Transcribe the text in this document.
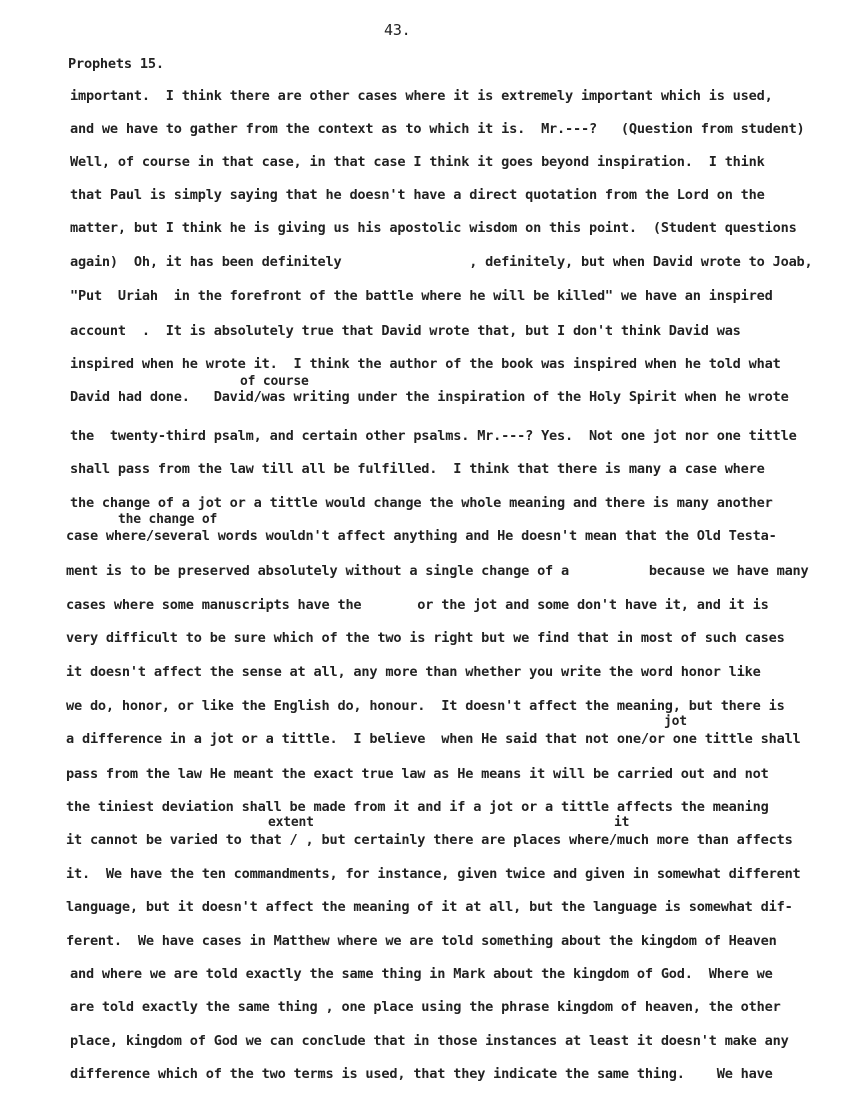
43.
Prophets 15.
important.  I think there are other cases where it is extremely important which is used,
and we have to gather from the context as to which it is.  Mr.---?   (Question from student)
Well, of course in that case, in that case I think it goes beyond inspiration.  I think
that Paul is simply saying that he doesn't have a direct quotation from the Lord on the
matter, but I think he is giving us his apostolic wisdom on this point.  (Student questions
again)  Oh, it has been definitely                , definitely, but when David wrote to Joab,
"Put  Uriah  in the forefront of the battle where he will be killed" we have an inspired
account  .  It is absolutely true that David wrote that, but I don't think David was
inspired when he wrote it.  I think the author of the book was inspired when he told what
of course
David had done.   David/was writing under the inspiration of the Holy Spirit when he wrote
the  twenty-third psalm, and certain other psalms. Mr.---? Yes.  Not one jot nor one tittle
shall pass from the law till all be fulfilled.  I think that there is many a case where
the change of a jot or a tittle would change the whole meaning and there is many another
the change of
case where/several words wouldn't affect anything and He doesn't mean that the Old Testa-
ment is to be preserved absolutely without a single change of a          because we have many
cases where some manuscripts have the       or the jot and some don't have it, and it is
very difficult to be sure which of the two is right but we find that in most of such cases
it doesn't affect the sense at all, any more than whether you write the word honor like
we do, honor, or like the English do, honour.  It doesn't affect the meaning, but there is
jot
a difference in a jot or a tittle.  I believe  when He said that not one/or one tittle shall
pass from the law He meant the exact true law as He means it will be carried out and not
the tiniest deviation shall be made from it and if a jot or a tittle affects the meaning
extent	it
it cannot be varied to that / , but certainly there are places where/much more than affects
it.  We have the ten commandments, for instance, given twice and given in somewhat different
language, but it doesn't affect the meaning of it at all, but the language is somewhat dif-
ferent.  We have cases in Matthew where we are told something about the kingdom of Heaven
and where we are told exactly the same thing in Mark about the kingdom of God.  Where we
are told exactly the same thing , one place using the phrase kingdom of heaven, the other
place, kingdom of God we can conclude that in those instances at least it doesn't make any
difference which of the two terms is used, that they indicate the same thing.    We have
